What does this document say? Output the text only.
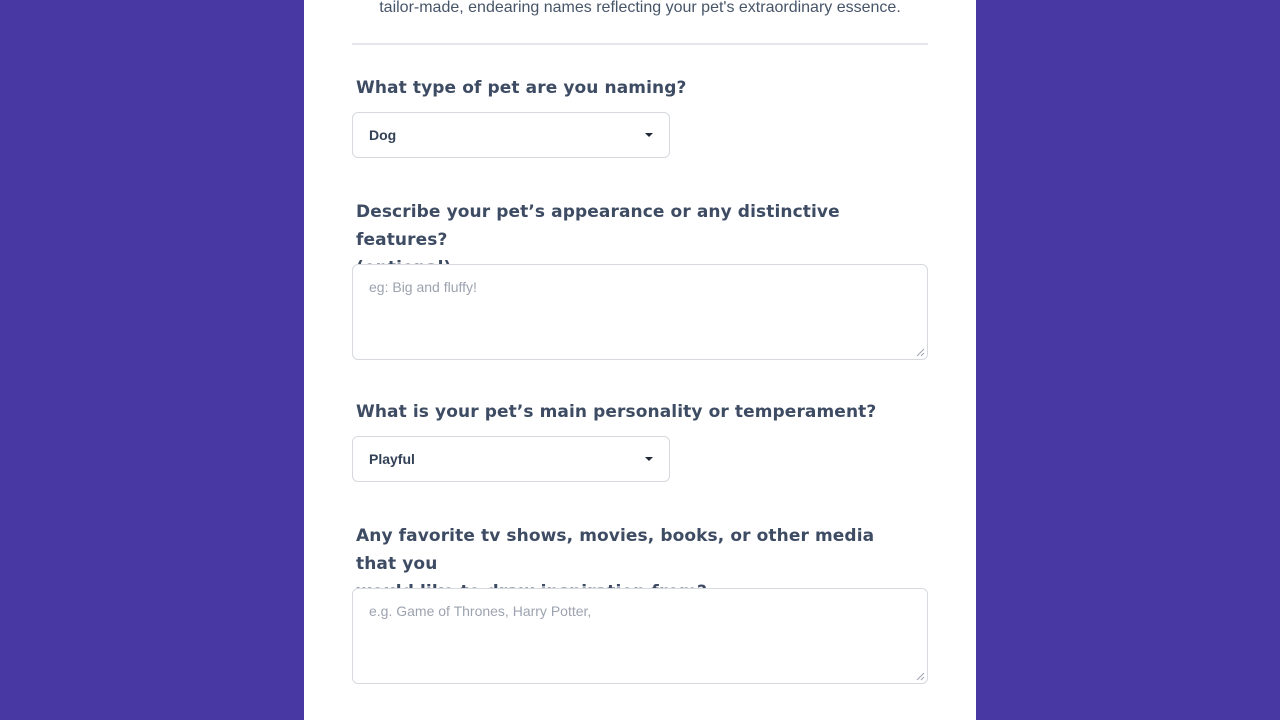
tailor-made, endearing names reflecting your pet's extraordinary essence.
What type of pet are you naming?
Dog
Describe your pet’s appearance or any distinctive features?
eg: Big and fluffy!
What is your pet’s main personality or temperament?
Playful
Any favorite tv shows, movies, books, or other media that you
e.g. Game of Thrones, Harry Potter,
